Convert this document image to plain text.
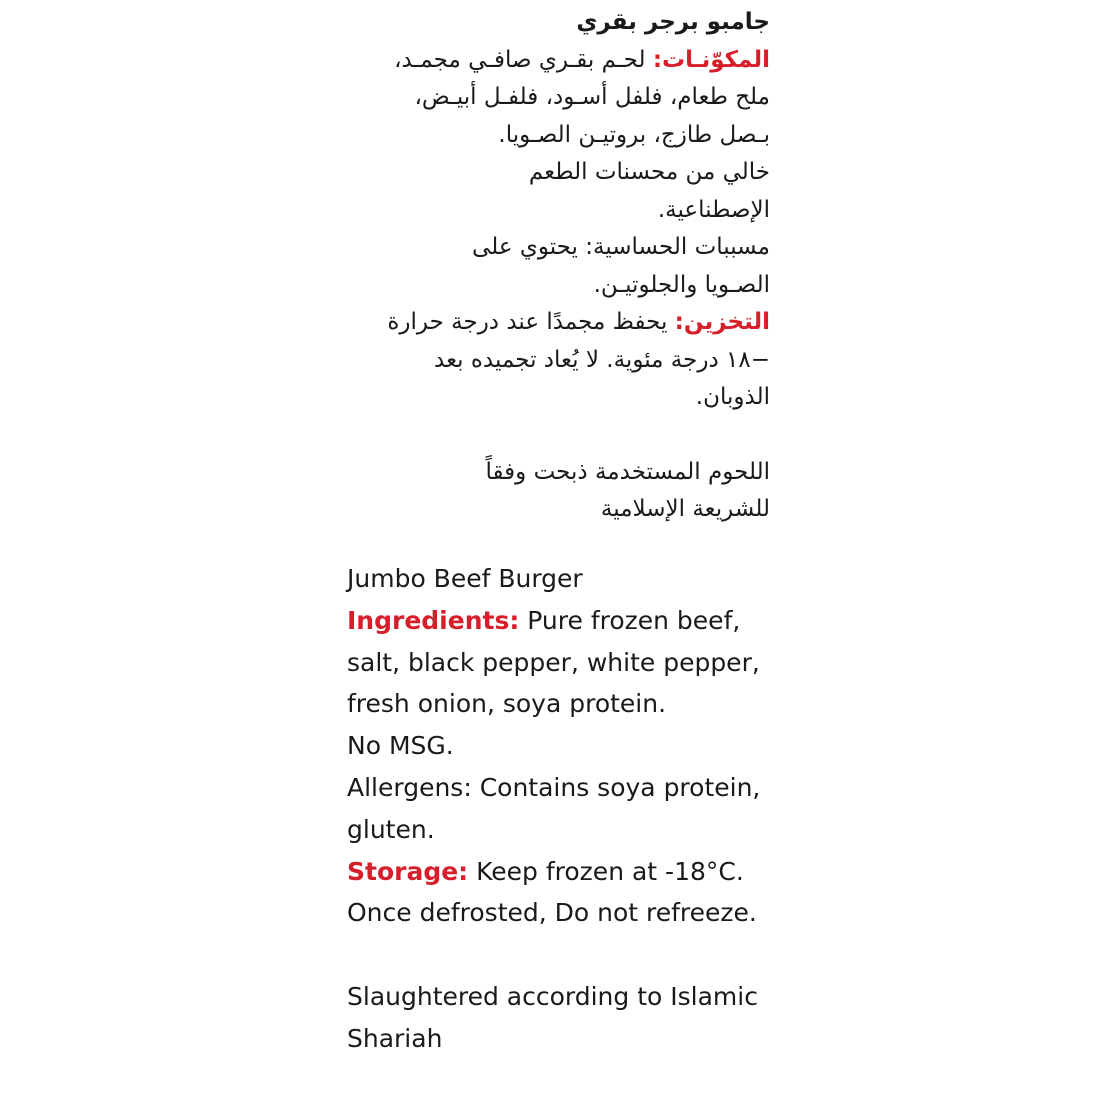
جامبو برجر بقري
المكوّنـات: لحـم بقـري صافـي مجمـد،
ملح طعام، فلفل أسـود، فلفـل أبيـض،
بـصل طازج، بروتيـن الصـويا.
خالي من محسنات الطعم
الإصطناعية.
مسببات الحساسية: يحتوي على
الصـويا والجلوتيـن.
التخزين: يحفظ مجمدًا عند درجة حرارة
−١٨ درجة مئوية. لا يُعاد تجميده بعد
الذوبان.
اللحوم المستخدمة ذبحت وفقاً
للشريعة الإسلامية
Jumbo Beef Burger
Ingredients: Pure frozen beef,
salt, black pepper, white pepper,
fresh onion, soya protein.
No MSG.
Allergens: Contains soya protein,
gluten.
Storage: Keep frozen at -18°C.
Once defrosted, Do not refreeze.
Slaughtered according to Islamic
Shariah
